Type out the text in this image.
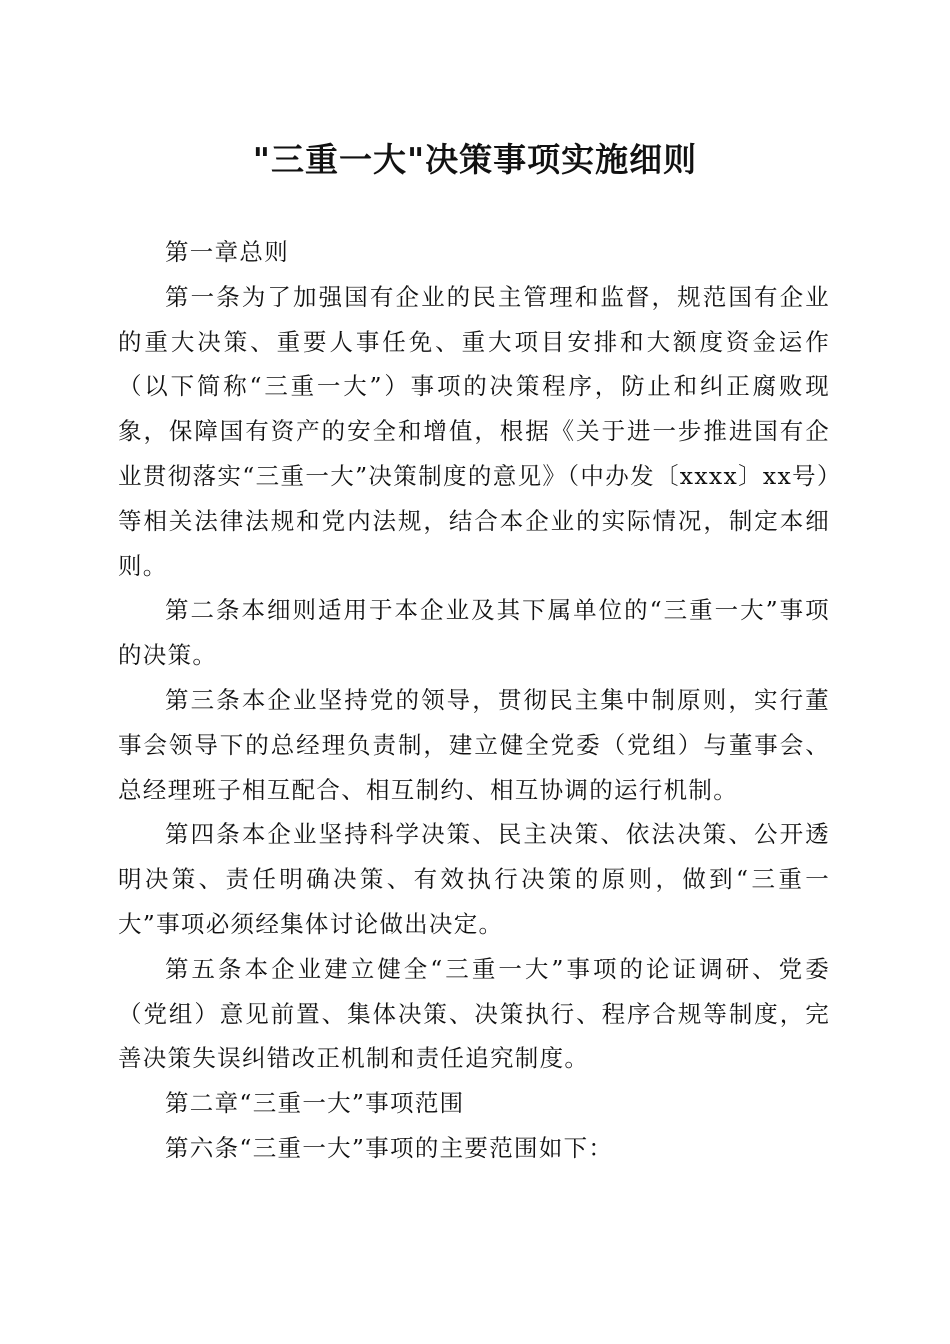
"三重一大"决策事项实施细则

第一章总则

第一条为了加强国有企业的民主管理和监督，规范国有企业的重大决策、重要人事任免、重大项目安排和大额度资金运作（以下简称“三重一大”）事项的决策程序，防止和纠正腐败现象，保障国有资产的安全和增值，根据《关于进一步推进国有企业贯彻落实“三重一大”决策制度的意见》（中办发〔xxxx〕xx号）等相关法律法规和党内法规，结合本企业的实际情况，制定本细则。

第二条本细则适用于本企业及其下属单位的“三重一大”事项的决策。

第三条本企业坚持党的领导，贯彻民主集中制原则，实行董事会领导下的总经理负责制，建立健全党委（党组）与董事会、总经理班子相互配合、相互制约、相互协调的运行机制。

第四条本企业坚持科学决策、民主决策、依法决策、公开透明决策、责任明确决策、有效执行决策的原则，做到“三重一大”事项必须经集体讨论做出决定。

第五条本企业建立健全“三重一大”事项的论证调研、党委（党组）意见前置、集体决策、决策执行、程序合规等制度，完善决策失误纠错改正机制和责任追究制度。

第二章“三重一大”事项范围

第六条“三重一大”事项的主要范围如下：
